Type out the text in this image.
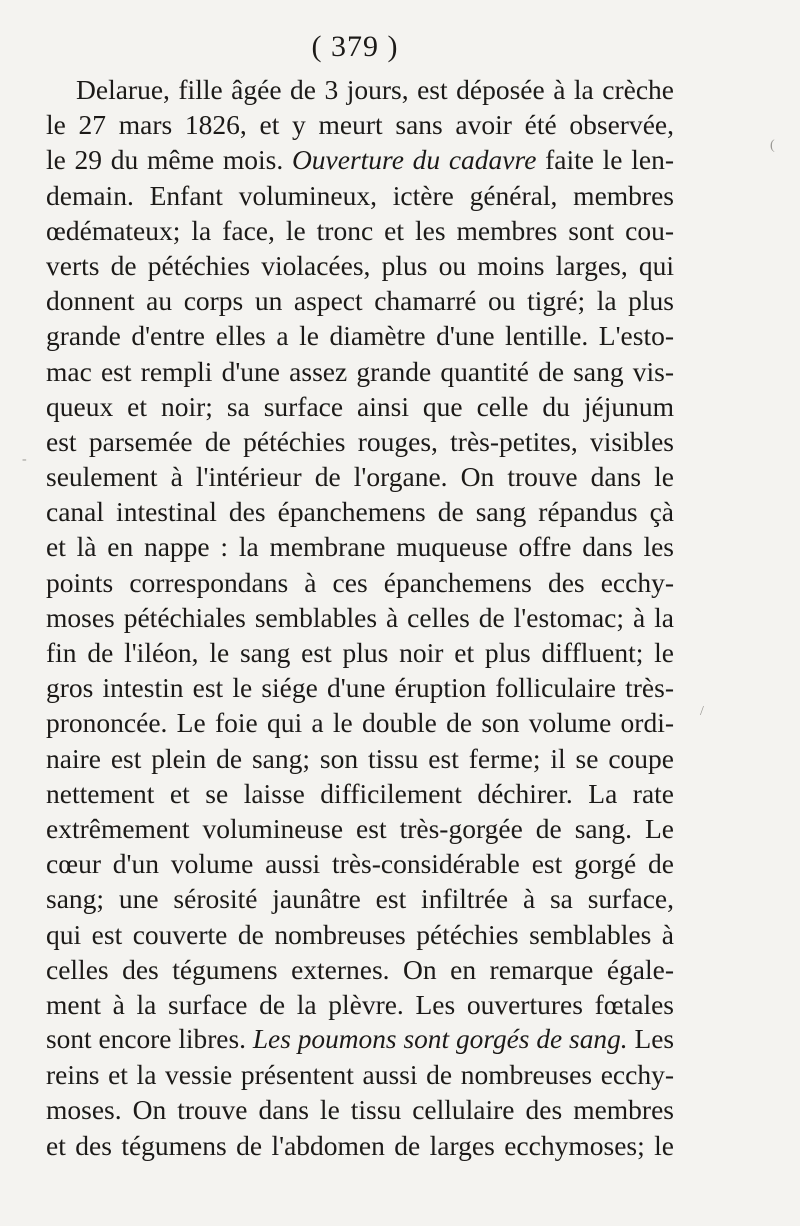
( 379 )
Delarue, fille âgée de 3 jours, est déposée à la crèche
le 27 mars 1826, et y meurt sans avoir été observée,
le 29 du même mois. Ouverture du cadavre faite le len-
demain. Enfant volumineux, ictère général, membres
œdémateux; la face, le tronc et les membres sont cou-
verts de pétéchies violacées, plus ou moins larges, qui
donnent au corps un aspect chamarré ou tigré; la plus
grande d'entre elles a le diamètre d'une lentille. L'esto-
mac est rempli d'une assez grande quantité de sang vis-
queux et noir; sa surface ainsi que celle du jéjunum
est parsemée de pétéchies rouges, très-petites, visibles
seulement à l'intérieur de l'organe. On trouve dans le
canal intestinal des épanchemens de sang répandus çà
et là en nappe : la membrane muqueuse offre dans les
points correspondans à ces épanchemens des ecchy-
moses pétéchiales semblables à celles de l'estomac; à la
fin de l'iléon, le sang est plus noir et plus diffluent; le
gros intestin est le siége d'une éruption folliculaire très-
prononcée. Le foie qui a le double de son volume ordi-
naire est plein de sang; son tissu est ferme; il se coupe
nettement et se laisse difficilement déchirer. La rate
extrêmement volumineuse est très-gorgée de sang. Le
cœur d'un volume aussi très-considérable est gorgé de
sang; une sérosité jaunâtre est infiltrée à sa surface,
qui est couverte de nombreuses pétéchies semblables à
celles des tégumens externes. On en remarque égale-
ment à la surface de la plèvre. Les ouvertures fœtales
sont encore libres. Les poumons sont gorgés de sang. Les
reins et la vessie présentent aussi de nombreuses ecchy-
moses. On trouve dans le tissu cellulaire des membres
et des tégumens de l'abdomen de larges ecchymoses; le
(
-
/
